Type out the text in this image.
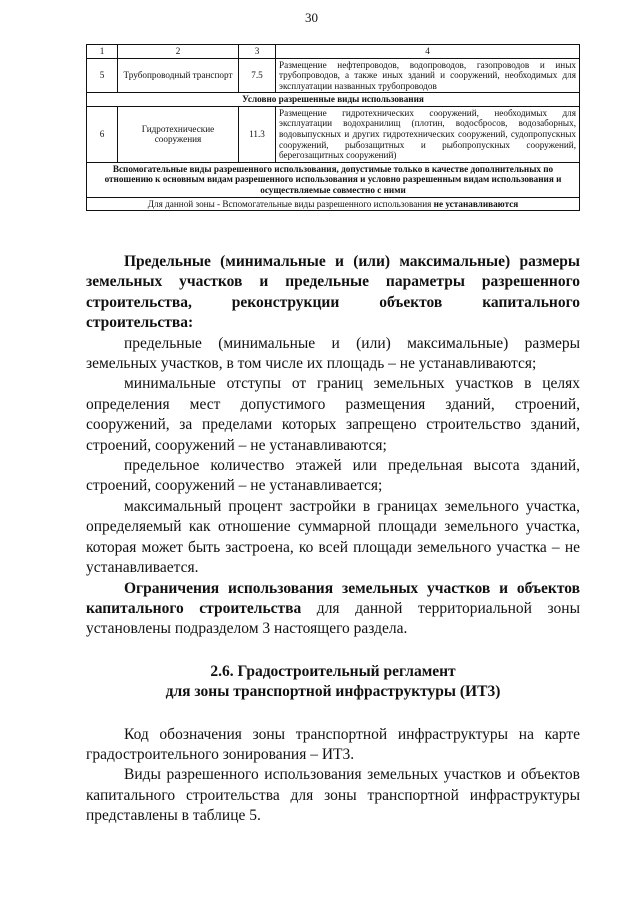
30
1	2	3	4
5	Трубопроводный транспорт	7.5	Размещение нефтепроводов, водопроводов, газопроводов и иных трубопроводов, а также иных зданий и сооружений, необходимых для эксплуатации названных трубопроводов
Условно разрешенные виды использования			
6	Гидротехнические сооружения	11.3	Размещение гидротехнических сооружений, необходимых для эксплуатации водохранилищ (плотин, водосбросов, водозаборных, водовыпускных и других гидротехнических сооружений, судопропускных сооружений, рыбозащитных и рыбопропускных сооружений, берегозащитных сооружений)
Вспомогательные виды разрешенного использования, допустимые только в качестве дополнительных по отношению к основным видам разрешенного использования и условно разрешенным видам использования и осуществляемые совместно с ними			
Для данной зоны - Вспомогательные виды разрешенного использования не устанавливаются			

Предельные (минимальные и (или) максимальные) размеры земельных участков и предельные параметры разрешенного строительства, реконструкции объектов капитального строительства:

предельные (минимальные и (или) максимальные) размеры земельных участков, в том числе их площадь – не устанавливаются;

минимальные отступы от границ земельных участков в целях определения мест допустимого размещения зданий, строений, сооружений, за пределами которых запрещено строительство зданий, строений, сооружений – не устанавливаются;

предельное количество этажей или предельная высота зданий, строений, сооружений – не устанавливается;

максимальный процент застройки в границах земельного участка, определяемый как отношение суммарной площади земельного участка, которая может быть застроена, ко всей площади земельного участка – не устанавливается.

Ограничения использования земельных участков и объектов капитального строительства для данной территориальной зоны установлены подразделом 3 настоящего раздела.

2.6. Градостроительный регламент

для зоны транспортной инфраструктуры (ИТ3)

Код обозначения зоны транспортной инфраструктуры на карте градостроительного зонирования – ИТ3.

Виды разрешенного использования земельных участков и объектов капитального строительства для зоны транспортной инфраструктуры представлены в таблице 5.
